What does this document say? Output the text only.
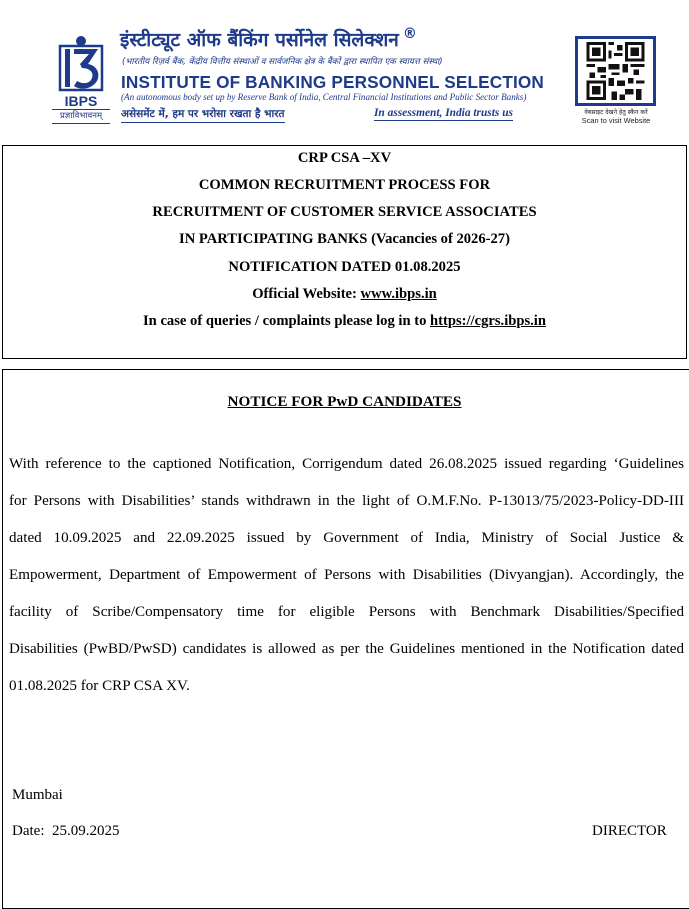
IBPS
प्रज्ञाविभावनम्
इंस्टीट्यूट ऑफ बैंकिंग पर्सोनेल सिलेक्शन ®
(भारतीय रिज़र्व बैंक, केंद्रीय वित्तीय संस्थाओं व सार्वजनिक क्षेत्र के बैंकों द्वारा स्थापित एक स्वायत्त संस्था)
INSTITUTE OF BANKING PERSONNEL SELECTION
(An autonomous body set up by Reserve Bank of India, Central Financial Institutions and Public Sector Banks)
असेसमेंट में, हम पर भरोसा रखता है भारत	In assessment, India trusts us	वेबसाइट देखने हेतु स्कैन करें
Scan to visit Website
CRP CSA –XV
COMMON RECRUITMENT PROCESS FOR
RECRUITMENT OF CUSTOMER SERVICE ASSOCIATES
IN PARTICIPATING BANKS (Vacancies of 2026-27)
NOTIFICATION DATED 01.08.2025
Official Website: www.ibps.in
In case of queries / complaints please log in to https://cgrs.ibps.in
NOTICE FOR PwD CANDIDATES
With reference to the captioned Notification, Corrigendum dated 26.08.2025 issued regarding ‘Guidelines
for Persons with Disabilities’ stands withdrawn in the light of O.M.F.No. P-13013/75/2023-Policy-DD-III
dated 10.09.2025 and 22.09.2025 issued by Government of India, Ministry of Social Justice &
Empowerment, Department of Empowerment of Persons with Disabilities (Divyangjan). Accordingly, the
facility of Scribe/Compensatory time for eligible Persons with Benchmark Disabilities/Specified
Disabilities (PwBD/PwSD) candidates is allowed as per the Guidelines mentioned in the Notification dated
01.08.2025 for CRP CSA XV.
Mumbai
Date:  25.09.2025	DIRECTOR
